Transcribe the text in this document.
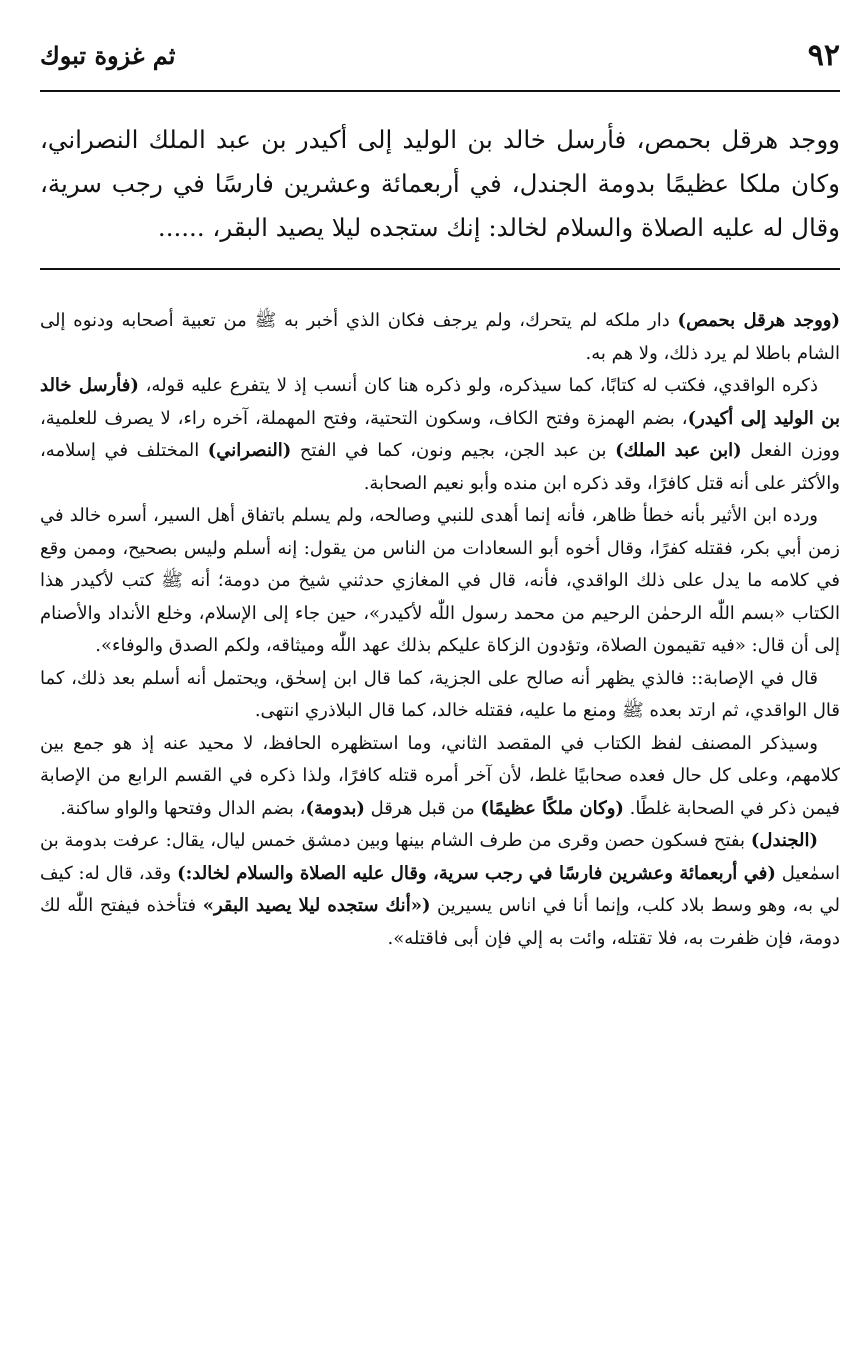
٩٢
ثم غزوة تبوك

ووجد هرقل بحمص، فأرسل خالد بن الوليد إلى أكيدر بن عبد الملك النصراني، وكان ملكا عظيمًا بدومة الجندل، في أربعمائة وعشرين فارسًا في رجب سرية، وقال له عليه الصلاة والسلام لخالد: إنك ستجده ليلا يصيد البقر، ......

(ووجد هرقل بحمص) دار ملكه لم يتحرك، ولم يرجف فكان الذي أخبر به ﷺ من تعبية أصحابه ودنوه إلى الشام باطلا لم يرد ذلك، ولا هم به.

ذكره الواقدي، فكتب له كتابًا، كما سيذكره، ولو ذكره هنا كان أنسب إذ لا يتفرع عليه قوله، (فأرسل خالد بن الوليد إلى أكيدر)، بضم الهمزة وفتح الكاف، وسكون التحتية، وفتح المهملة، آخره راء، لا يصرف للعلمية، ووزن الفعل (ابن عبد الملك) بن عبد الجن، بجيم ونون، كما في الفتح (النصراني) المختلف في إسلامه، والأكثر على أنه قتل كافرًا، وقد ذكره ابن منده وأبو نعيم الصحابة.

ورده ابن الأثير بأنه خطأ ظاهر، فأنه إنما أهدى للنبي وصالحه، ولم يسلم باتفاق أهل السير، أسره خالد في زمن أبي بكر، فقتله كفرًا، وقال أخوه أبو السعادات من الناس من يقول: إنه أسلم وليس بصحيح، وممن وقع في كلامه ما يدل على ذلك الواقدي، فأنه، قال في المغازي حدثني شيخ من دومة؛ أنه ﷺ كتب لأكيدر هذا الكتاب «بسم اللّٰه الرحمٰن الرحيم من محمد رسول اللّٰه لأكيدر»، حين جاء إلى الإسلام، وخلع الأنداد والأصنام إلى أن قال: «فيه تقيمون الصلاة، وتؤدون الزكاة عليكم بذلك عهد اللّٰه وميثاقه، ولكم الصدق والوفاء».

قال في الإصابة:: فالذي يظهر أنه صالح على الجزية، كما قال ابن إسحٰق، ويحتمل أنه أسلم بعد ذلك، كما قال الواقدي، ثم ارتد بعده ﷺ ومنع ما عليه، فقتله خالد، كما قال البلاذري انتهى.

وسيذكر المصنف لفظ الكتاب في المقصد الثاني، وما استظهره الحافظ، لا محيد عنه إذ هو جمع بين كلامهم، وعلى كل حال فعده صحابيًا غلط، لأن آخر أمره قتله كافرًا، ولذا ذكره في القسم الرابع من الإصابة فيمن ذكر في الصحابة غلطًا. (وكان ملكًا عظيمًا) من قبل هرقل (بدومة)، بضم الدال وفتحها والواو ساكنة.

(الجندل) بفتح فسكون حصن وقرى من طرف الشام بينها وبين دمشق خمس ليال، يقال: عرفت بدومة بن اسمٰعيل (في أربعمائة وعشرين فارسًا في رجب سرية، وقال عليه الصلاة والسلام لخالد:) وقد، قال له: كيف لي به، وهو وسط بلاد كلب، وإنما أنا في اناس يسيرين («أنك ستجده ليلا يصيد البقر» فتأخذه فيفتح اللّٰه لك دومة، فإن ظفرت به، فلا تقتله، وائت به إلي فإن أبى فاقتله».
